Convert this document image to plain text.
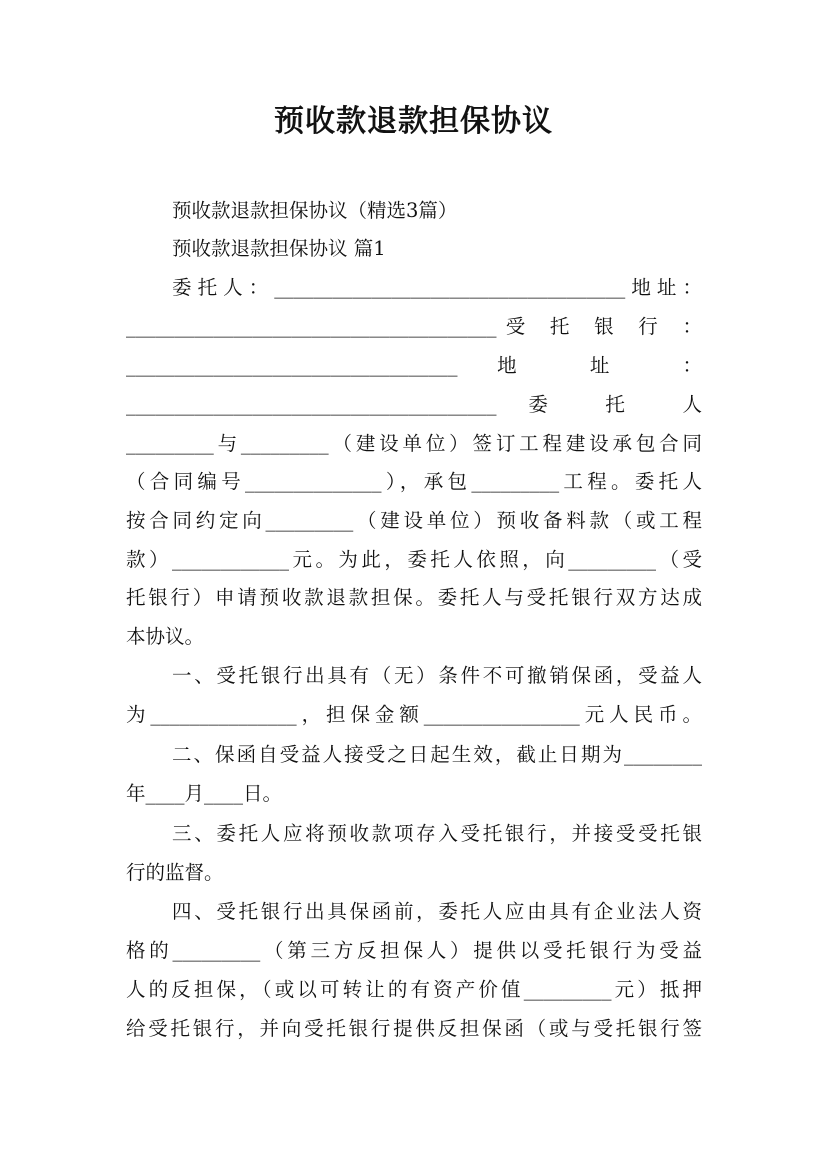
预收款退款担保协议
预收款退款担保协议（精选3篇）
预收款退款担保协议 篇1
委托人：____________________________________地址：
______________________________________受 托 银 行 ：
__________________________________ 地 址 ：
______________________________________ 委 托 人
_________与_________（建设单位）签订工程建设承包合同
（合同编号______________），承包_________工程。委托人
按合同约定向_________（建设单位）预收备料款（或工程
款）____________元。为此，委托人依照，向_________（受
托银行）申请预收款退款担保。委托人与受托银行双方达成
本协议。
一、受托银行出具有（无）条件不可撤销保函，受益人
为_______________，担保金额________________元人民币。
二、保函自受益人接受之日起生效，截止日期为________
年____月____日。
三、委托人应将预收款项存入受托银行，并接受受托银
行的监督。
四、受托银行出具保函前，委托人应由具有企业法人资
格的_________（第三方反担保人）提供以受托银行为受益
人的反担保，（或以可转让的有资产价值_________元）抵押
给受托银行，并向受托银行提供反担保函（或与受托银行签
